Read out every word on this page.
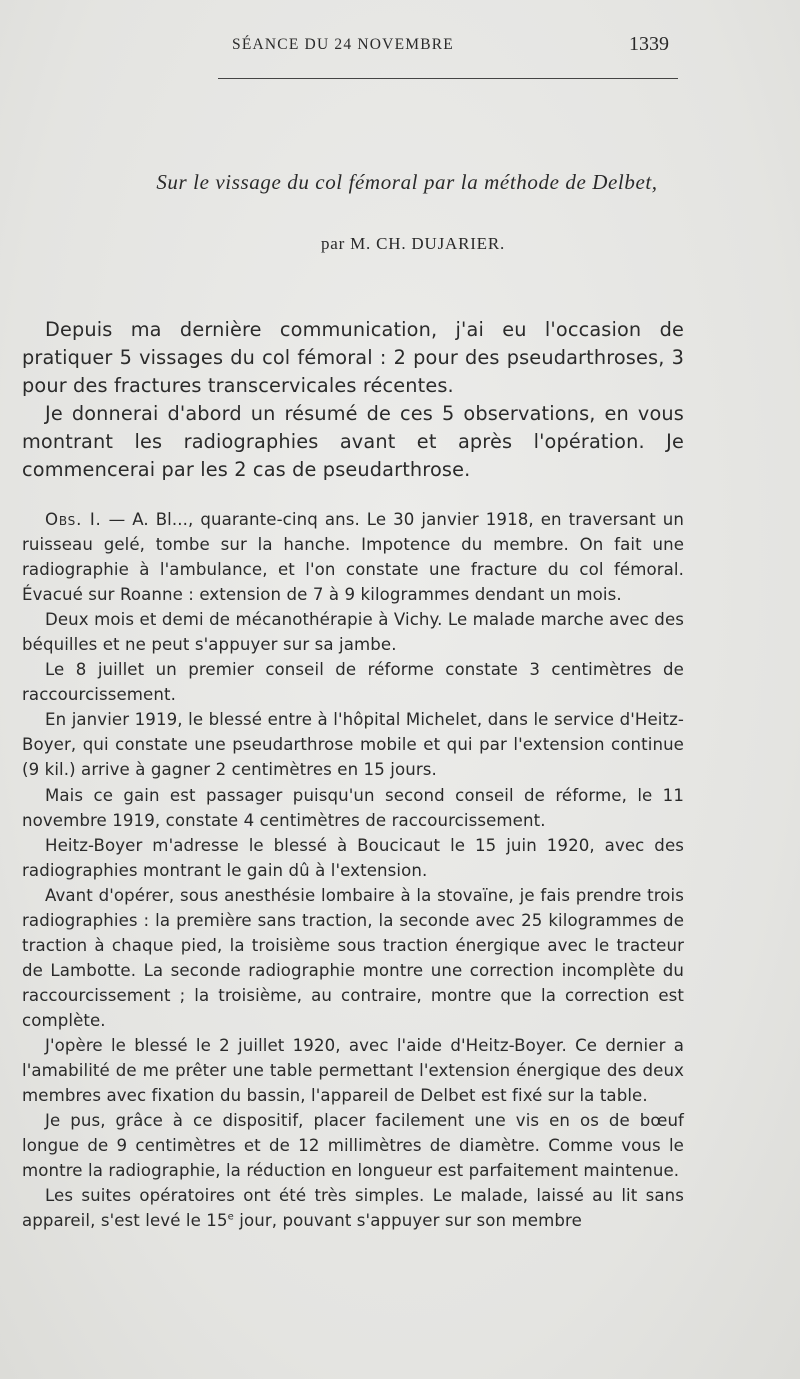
SÉANCE DU 24 NOVEMBRE	1339
Sur le vissage du col fémoral par la méthode de Delbet,
par M. CH. DUJARIER.

Depuis ma dernière communication, j'ai eu l'occasion de pratiquer 5 vissages du col fémoral : 2 pour des pseudarthroses, 3 pour des fractures transcervicales récentes.

Je donnerai d'abord un résumé de ces 5 observations, en vous montrant les radiographies avant et après l'opération. Je commencerai par les 2 cas de pseudarthrose.

Obs. I. — A. Bl..., quarante-cinq ans. Le 30 janvier 1918, en traversant un ruisseau gelé, tombe sur la hanche. Impotence du membre. On fait une radiographie à l'ambulance, et l'on constate une fracture du col fémoral. Évacué sur Roanne : extension de 7 à 9 kilogrammes dendant un mois.

Deux mois et demi de mécanothérapie à Vichy. Le malade marche avec des béquilles et ne peut s'appuyer sur sa jambe.

Le 8 juillet un premier conseil de réforme constate 3 centimètres de raccourcissement.

En janvier 1919, le blessé entre à l'hôpital Michelet, dans le service d'Heitz-Boyer, qui constate une pseudarthrose mobile et qui par l'extension continue (9 kil.) arrive à gagner 2 centimètres en 15 jours.

Mais ce gain est passager puisqu'un second conseil de réforme, le 11 novembre 1919, constate 4 centimètres de raccourcissement.

Heitz-Boyer m'adresse le blessé à Boucicaut le 15 juin 1920, avec des radiographies montrant le gain dû à l'extension.

Avant d'opérer, sous anesthésie lombaire à la stovaïne, je fais prendre trois radiographies : la première sans traction, la seconde avec 25 kilogrammes de traction à chaque pied, la troisième sous traction énergique avec le tracteur de Lambotte. La seconde radiographie montre une correction incomplète du raccourcissement ; la troisième, au contraire, montre que la correction est complète.

J'opère le blessé le 2 juillet 1920, avec l'aide d'Heitz-Boyer. Ce dernier a l'amabilité de me prêter une table permettant l'extension énergique des deux membres avec fixation du bassin, l'appareil de Delbet est fixé sur la table.

Je pus, grâce à ce dispositif, placer facilement une vis en os de bœuf longue de 9 centimètres et de 12 millimètres de diamètre. Comme vous le montre la radiographie, la réduction en longueur est parfaitement maintenue.

Les suites opératoires ont été très simples. Le malade, laissé au lit sans appareil, s'est levé le 15e jour, pouvant s'appuyer sur son membre
